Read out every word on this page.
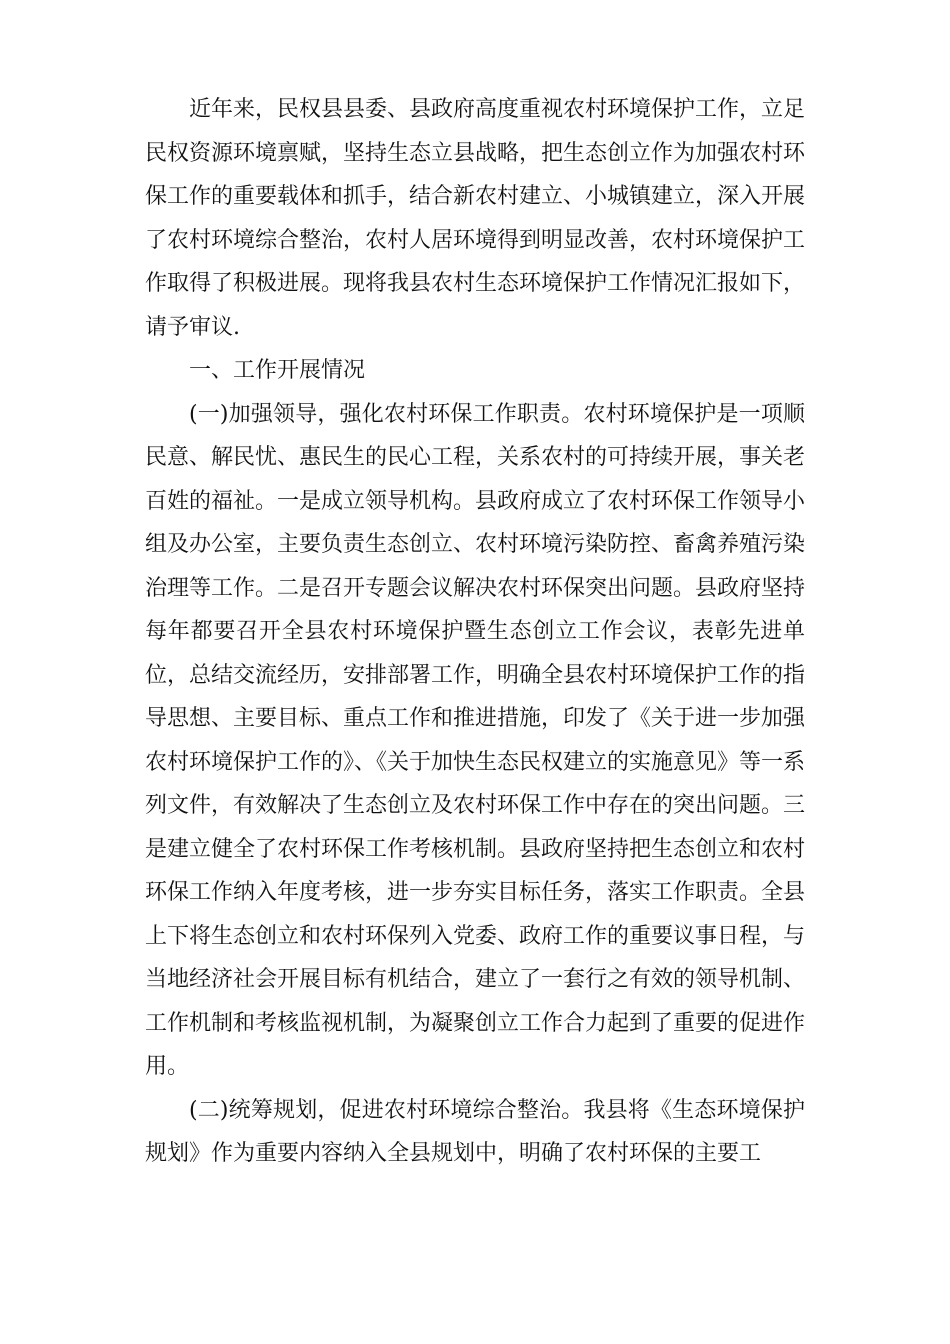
近年来，民权县县委、县政府高度重视农村环境保护工作，立足民权资源环境禀赋，坚持生态立县战略，把生态创立作为加强农村环保工作的重要载体和抓手，结合新农村建立、小城镇建立，深入开展了农村环境综合整治，农村人居环境得到明显改善，农村环境保护工作取得了积极进展。现将我县农村生态环境保护工作情况汇报如下，请予审议.

一、工作开展情况

(一)加强领导，强化农村环保工作职责。农村环境保护是一项顺民意、解民忧、惠民生的民心工程，关系农村的可持续开展，事关老百姓的福祉。一是成立领导机构。县政府成立了农村环保工作领导小组及办公室，主要负责生态创立、农村环境污染防控、畜禽养殖污染治理等工作。二是召开专题会议解决农村环保突出问题。县政府坚持每年都要召开全县农村环境保护暨生态创立工作会议，表彰先进单位，总结交流经历，安排部署工作，明确全县农村环境保护工作的指导思想、主要目标、重点工作和推进措施，印发了《关于进一步加强农村环境保护工作的》、《关于加快生态民权建立的实施意见》等一系列文件，有效解决了生态创立及农村环保工作中存在的突出问题。三是建立健全了农村环保工作考核机制。县政府坚持把生态创立和农村环保工作纳入年度考核，进一步夯实目标任务，落实工作职责。全县上下将生态创立和农村环保列入党委、政府工作的重要议事日程，与当地经济社会开展目标有机结合，建立了一套行之有效的领导机制、工作机制和考核监视机制，为凝聚创立工作合力起到了重要的促进作用。

(二)统筹规划，促进农村环境综合整治。我县将《生态环境保护规划》作为重要内容纳入全县规划中，明确了农村环保的主要工
